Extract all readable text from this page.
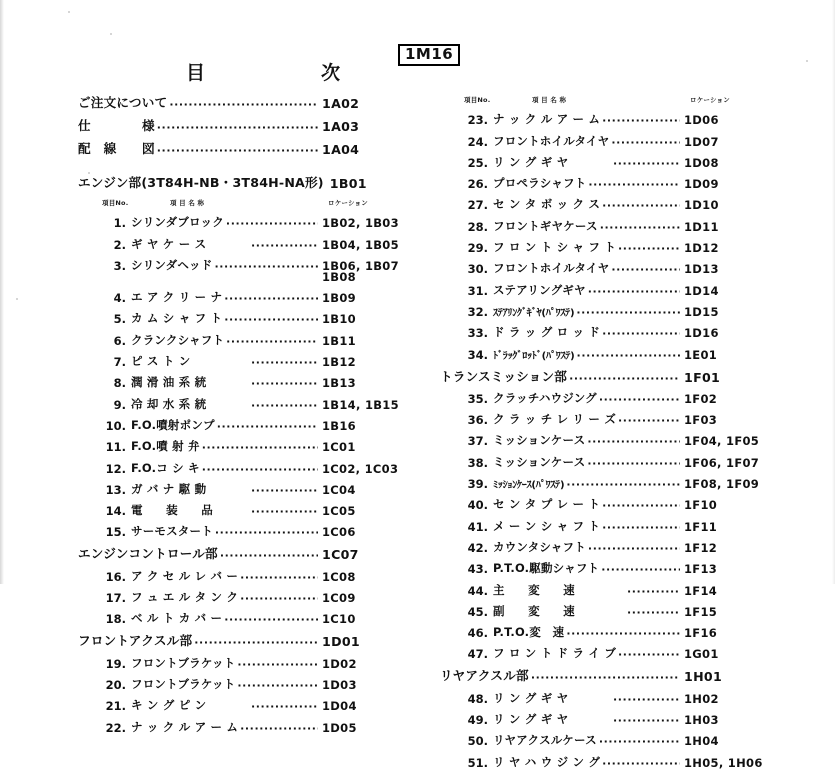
1M16
目　　次
ご注文について ·····	1A02
仕　　　　様 ·····	1A03
配　線　　図 ·····	1A04
エンジン部(3T84H-NB・3T84H-NA形) 1B01
項目No.	項 目 名 称	ロケーション
1. シリンダブロック ·····	1B02, 1B03
2. ギ ヤ ケ ー ス ·····	1B04, 1B05
3. シリンダヘッド ·····	1B06, 1B07
1B08
4. エ ア ク リ ー ナ ·····	1B09
5. カ ム シ ャ フ ト ·····	1B10
6. クランクシャフト ·····	1B11
7. ピ ス ト ン ·····	1B12
8. 潤 滑 油 系 統 ·····	1B13
9. 冷 却 水 系 統 ·····	1B14, 1B15
10. F.O.噴射ポンプ ·····	1B16
11. F.O.噴 射 弁 ·····	1C01
12. F.O.コ シ キ ·····	1C02, 1C03
13. ガ バ ナ 駆 動 ·····	1C04
14. 電　　装　　品 ·····	1C05
15. サーモスタート ·····	1C06
エンジンコントロール部 ·····	1C07
16. ア ク セ ル レ バ ー ·····	1C08
17. フ ュ エ ル タ ン ク ·····	1C09
18. ベ ル ト カ バ ー ·····	1C10
フロントアクスル部 ·····	1D01
19. フロントブラケット ·····	1D02
20. フロントブラケット ·····	1D03
21. キ ン グ ピ ン ·····	1D04
22. ナ ッ ク ル ア ー ム ·····	1D05
項目No.	項 目 名 称	ロケーション
23. ナ ッ ク ル ア ー ム ·····	1D06
24. フロントホイルタイヤ ·····	1D07
25. リ ン グ ギ ヤ ·····	1D08
26. プロペラシャフト ·····	1D09
27. セ ン タ ボ ッ ク ス ·····	1D10
28. フロントギヤケース ·····	1D11
29. フ ロ ン ト シ ャ フ ト ·····	1D12
30. フロントホイルタイヤ ·····	1D13
31. ステアリングギヤ ·····	1D14
32. ｽﾃｱﾘﾝｸﾞｷﾞﾔ(ﾊﾟﾜｽﾃ) ·····	1D15
33. ド ラ ッ グ ロ ッ ド ·····	1D16
34. ﾄﾞﾗｯｸﾞﾛｯﾄﾞ(ﾊﾟﾜｽﾃ) ·····	1E01
トランスミッション部 ·····	1F01
35. クラッチハウジング ·····	1F02
36. ク ラ ッ チ レ リ ー ズ ·····	1F03
37. ミッションケース ·····	1F04, 1F05
38. ミッションケース ·····	1F06, 1F07
39. ﾐｯｼｮﾝｹｰｽ(ﾊﾟﾜｽﾃ) ·····	1F08, 1F09
40. セ ン タ プ レ ー ト ·····	1F10
41. メ ー ン シ ャ フ ト ·····	1F11
42. カウンタシャフト ·····	1F12
43. P.T.O.駆動シャフト ·····	1F13
44. 主　　変　　速 ·····	1F14
45. 副　　変　　速 ·····	1F15
46. P.T.O.変　速 ·····	1F16
47. フ ロ ン ト ド ラ イ ブ ·····	1G01
リヤアクスル部 ·····	1H01
48. リ ン グ ギ ヤ ·····	1H02
49. リ ン グ ギ ヤ ·····	1H03
50. リヤアクスルケース ·····	1H04
51. リ ヤ ハ ウ ジ ン グ ·····	1H05, 1H06
